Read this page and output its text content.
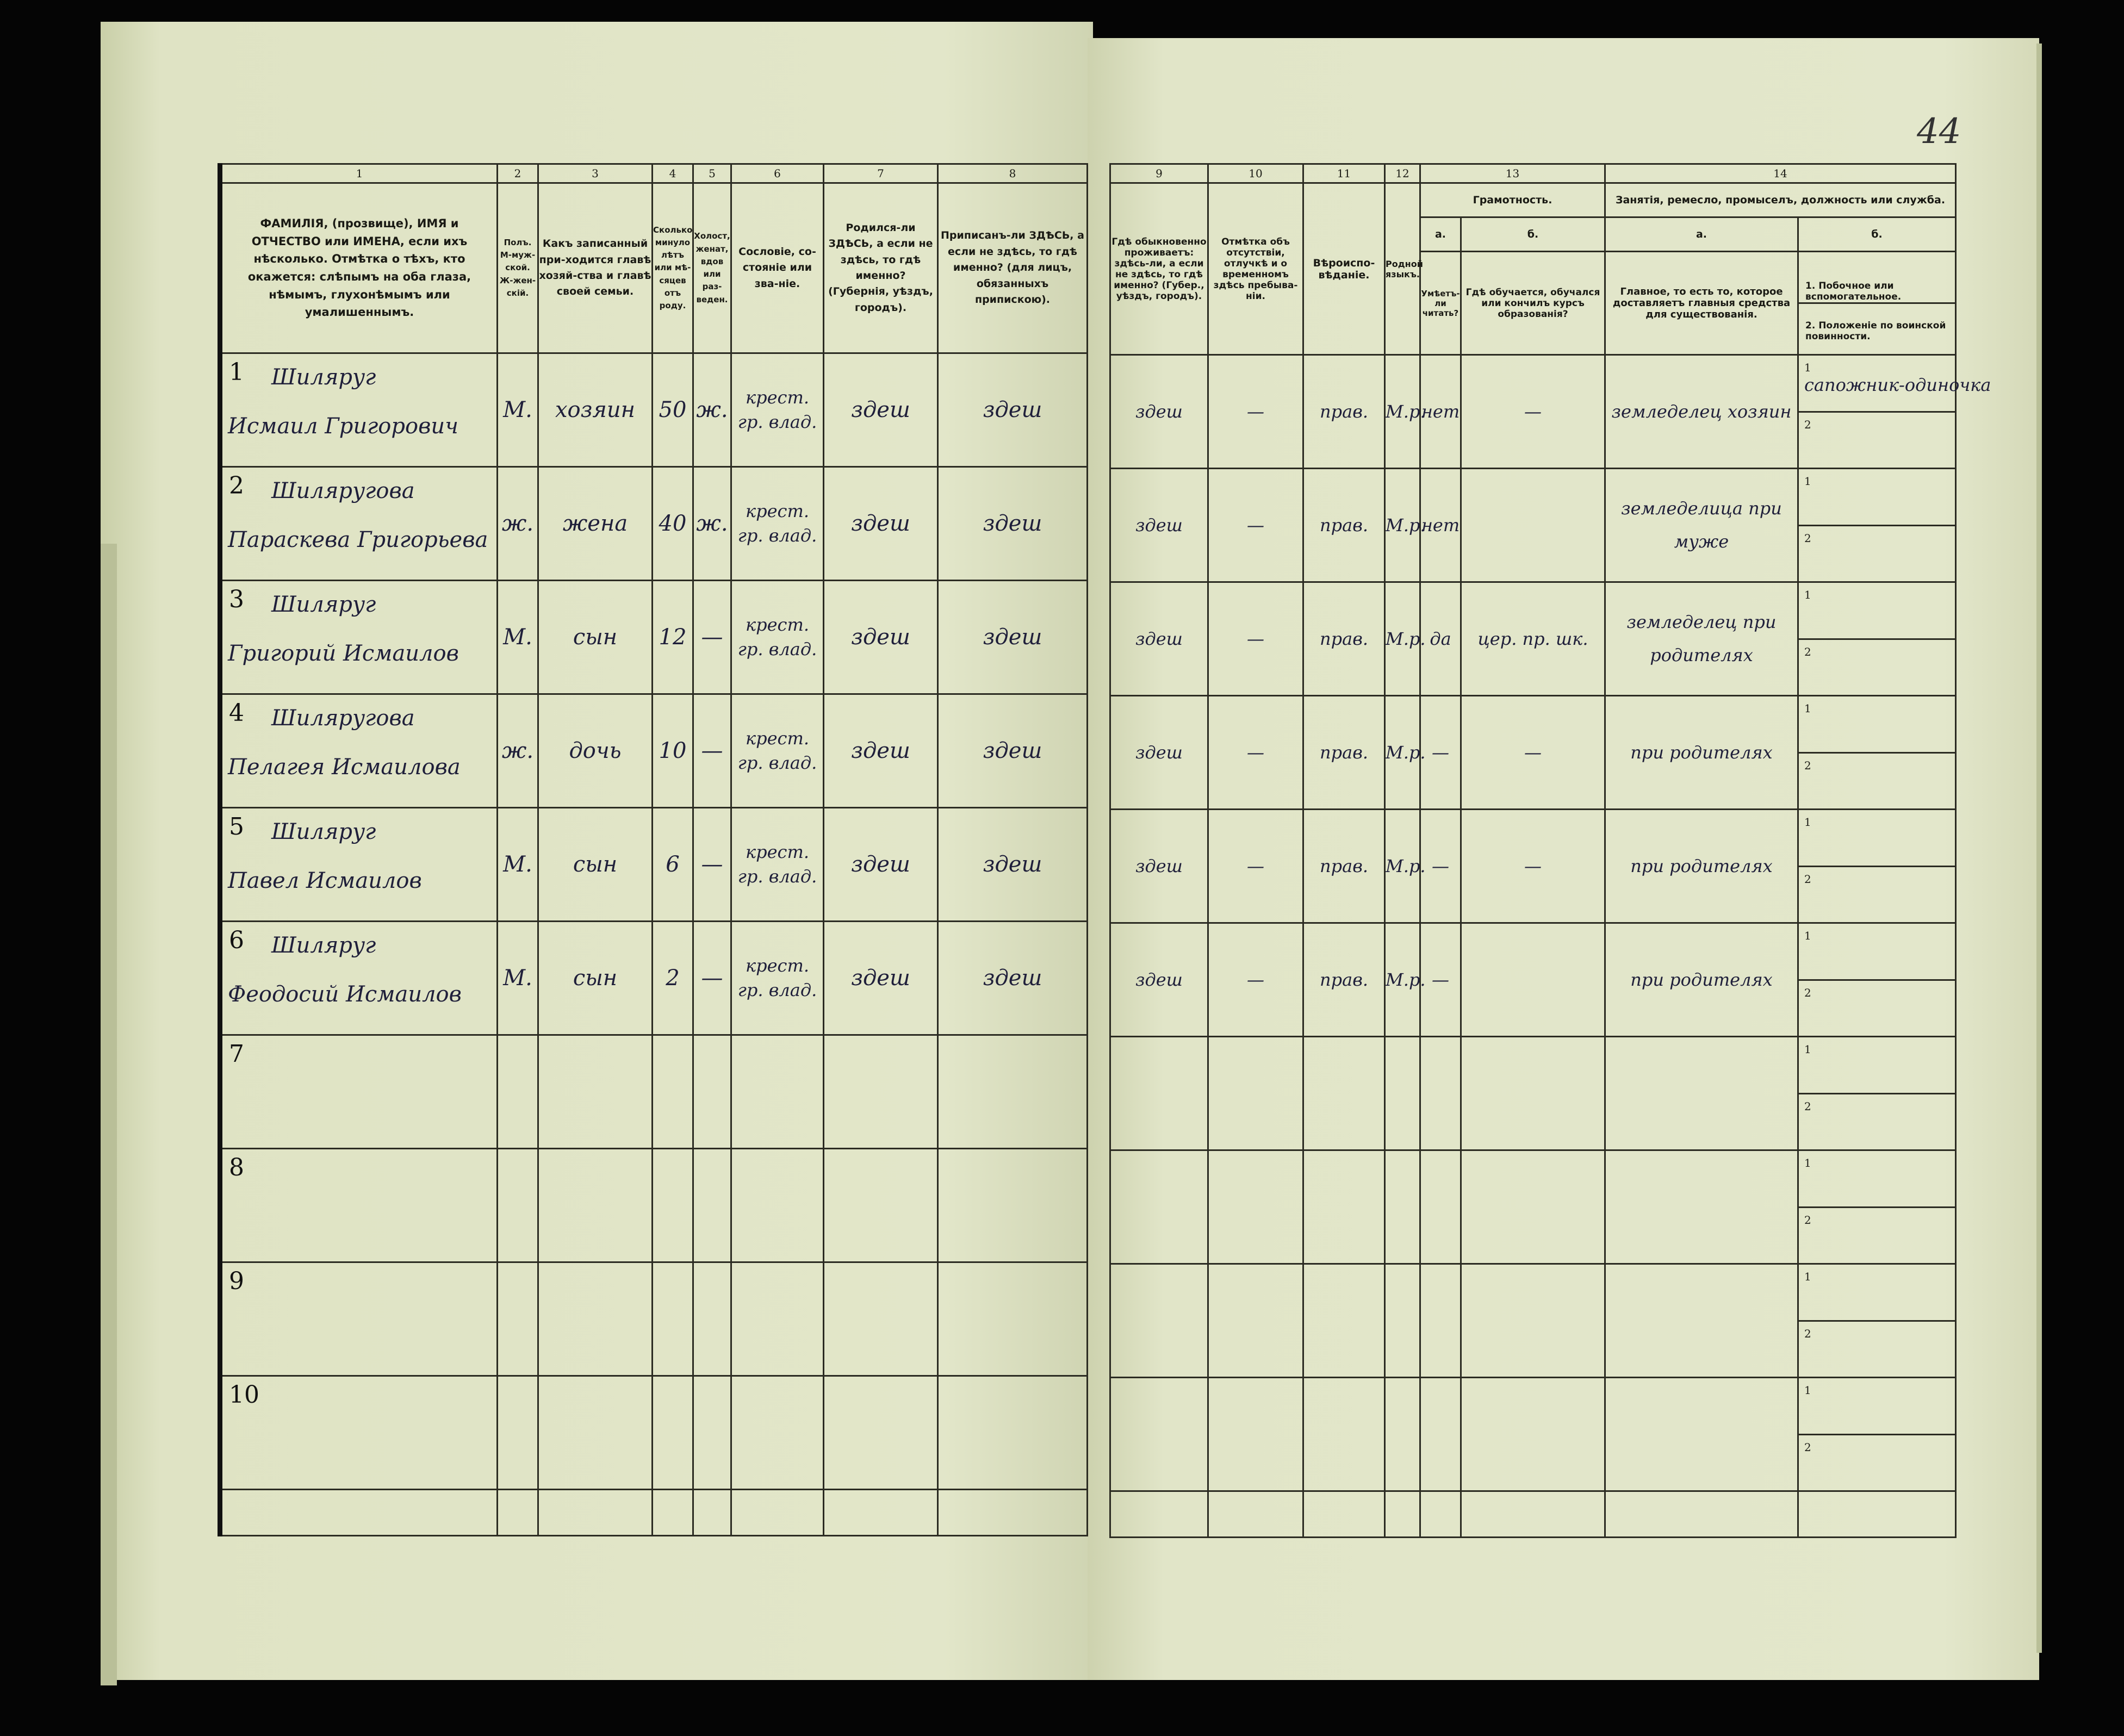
44
1	2	3	4	5	6	7	8
ФАМИЛІЯ, (прозвище), ИМЯ и ОТЧЕСТВО или ИМЕНА, если ихъ нѣсколько. Отмѣтка о тѣхъ, кто окажется: слѣпымъ на оба глаза, нѣмымъ, глухонѣмымъ или умалишеннымъ.	Полъ. М-муж-ской. Ж-жен-скій.	Какъ записанный при-ходится главѣ хозяй-ства и главѣ своей семьи.	Сколько минуло лѣтъ или мѣ-сяцев отъ роду.	Холост, женат, вдов или раз-веден.	Сословіе, со-стояніе или зва-ніе.	Родился-ли ЗДѢСЬ, а если не здѣсь, то гдѣ именно? (Губернія, уѣздъ, городъ).	Приписанъ-ли ЗДѢСЬ, а если не здѣсь, то гдѣ именно? (для лицъ, обязанныхъ припискою).

1 Шиляруг
Исмаил Григорович	М.	хозяин	50	ж.	крест. гр. влад.	здеш	здеш

2 Шиляругова
Параскева Григорьева	ж.	жена	40	ж.	крест. гр. влад.	здеш	здеш

3 Шиляруг
Григорий Исмаилов	М.	сын	12	—	крест. гр. влад.	здеш	здеш

4 Шиляругова
Пелагея Исмаилова	ж.	дочь	10	—	крест. гр. влад.	здеш	здеш

5 Шиляруг
Павел Исмаилов	М.	сын	6	—	крест. гр. влад.	здеш	здеш

6 Шиляруг
Феодосий Исмаилов	М.	сын	2	—	крест. гр. влад.	здеш	здеш

7							

8							

9							

10							

9	10	11	12	13		14	
Гдѣ обыкновенно проживаетъ: здѣсь-ли, а если не здѣсь, то гдѣ именно? (Губер., уѣздъ, городъ).	Отмѣтка объ отсутствіи, отлучкѣ и о временномъ здѣсь пребыва-ніи.	Вѣроиспо-вѣданіе.	Родной языкъ.	Грамотность.		Занятія, ремесло, промыселъ, должность или служба.	
				а.	б.	а.	б.
				Умѣетъ-ли читать?	Гдѣ обучается, обучался или кончилъ курсъ образованія?	Главное, то есть то, которое доставляетъ главныя средства для существованія.	1. Побочное или вспомогательное.
2. Положеніе по воинской повинности.

здеш	—	прав.	М.р.	нет	—	земледелец хозяин	1
сапожник-одиночка
2

здеш	—	прав.	М.р.	нет		земледелица при муже	1
2

здеш	—	прав.	М.р.	да	цер. пр. шк.	земледелец при родителях	1
2

здеш	—	прав.	М.р.	—	—	при родителях	1
2

здеш	—	прав.	М.р.	—	—	при родителях	1
2

здеш	—	прав.	М.р.	—		при родителях	1
2

							1
2

							1
2

							1
2

							1
2
